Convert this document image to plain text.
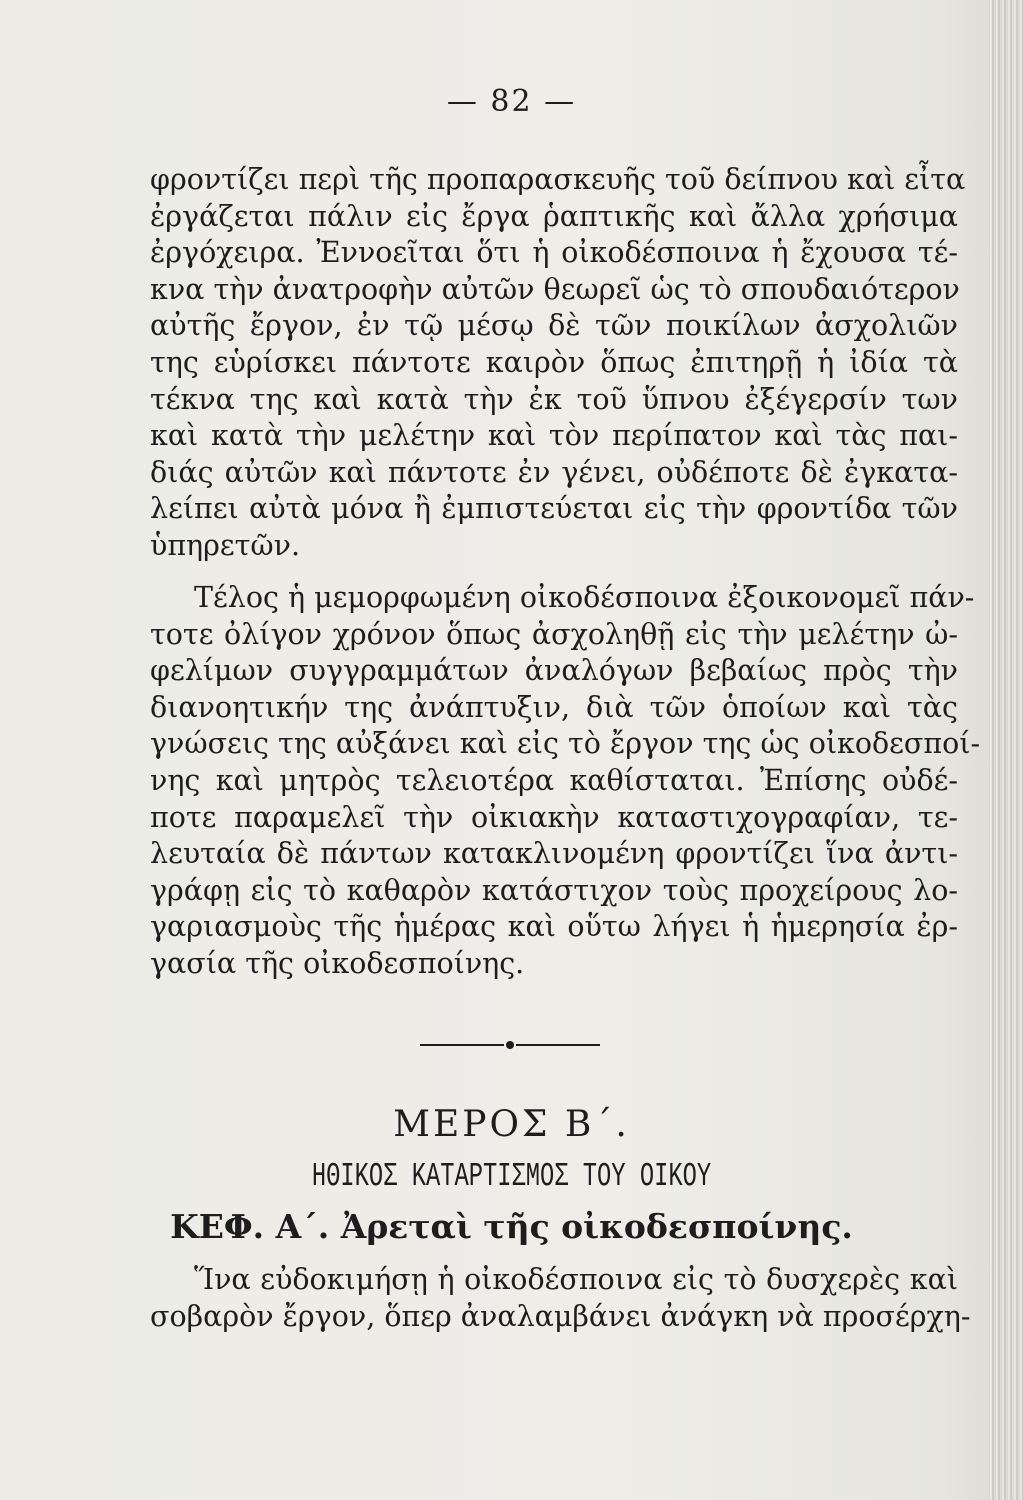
— 82 —
φροντίζει περὶ τῆς προπαρασκευῆς τοῦ δείπνου καὶ εἶτα
ἐργάζεται πάλιν εἰς ἔργα ῥαπτικῆς καὶ ἄλλα χρήσιμα
ἐργόχειρα. Ἐννοεῖται ὅτι ἡ οἰκοδέσποινα ἡ ἔχουσα τέ-
κνα τὴν ἀνατροφὴν αὐτῶν θεωρεῖ ὡς τὸ σπουδαιότερον
αὐτῆς ἔργον, ἐν τῷ μέσῳ δὲ τῶν ποικίλων ἀσχολιῶν
της εὑρίσκει πάντοτε καιρὸν ὅπως ἐπιτηρῇ ἡ ἰδία τὰ
τέκνα της καὶ κατὰ τὴν ἐκ τοῦ ὕπνου ἐξέγερσίν των
καὶ κατὰ τὴν μελέτην καὶ τὸν περίπατον καὶ τὰς παι-
διάς αὐτῶν καὶ πάντοτε ἐν γένει, οὐδέποτε δὲ ἐγκατα-
λείπει αὐτὰ μόνα ἢ ἐμπιστεύεται εἰς τὴν φροντίδα τῶν
ὑπηρετῶν.
Τέλος ἡ μεμορφωμένη οἰκοδέσποινα ἐξοικονομεῖ πάν-
τοτε ὀλίγον χρόνον ὅπως ἀσχοληθῇ εἰς τὴν μελέτην ὠ-
φελίμων συγγραμμάτων ἀναλόγων βεβαίως πρὸς τὴν
διανοητικήν της ἀνάπτυξιν, διὰ τῶν ὁποίων καὶ τὰς
γνώσεις της αὐξάνει καὶ εἰς τὸ ἔργον της ὡς οἰκοδεσποί-
νης καὶ μητρὸς τελειοτέρα καθίσταται. Ἐπίσης οὐδέ-
ποτε παραμελεῖ τὴν οἰκιακὴν καταστιχογραφίαν, τε-
λευταία δὲ πάντων κατακλινομένη φροντίζει ἵνα ἀντι-
γράφῃ εἰς τὸ καθαρὸν κατάστιχον τοὺς προχείρους λο-
γαριασμοὺς τῆς ἡμέρας καὶ οὕτω λήγει ἡ ἡμερησία ἐρ-
γασία τῆς οἰκοδεσποίνης.
ΜΕΡΟΣ Β΄.
ΗΘΙΚΟΣ ΚΑΤΑΡΤΙΣΜΟΣ ΤΟΥ ΟΙΚΟΥ
ΚΕΦ. Α΄. Ἀρεταὶ τῆς οἰκοδεσποίνης.
Ἵνα εὐδοκιμήσῃ ἡ οἰκοδέσποινα εἰς τὸ δυσχερὲς καὶ
σοβαρὸν ἔργον, ὅπερ ἀναλαμβάνει ἀνάγκη νὰ προσέρχη-
